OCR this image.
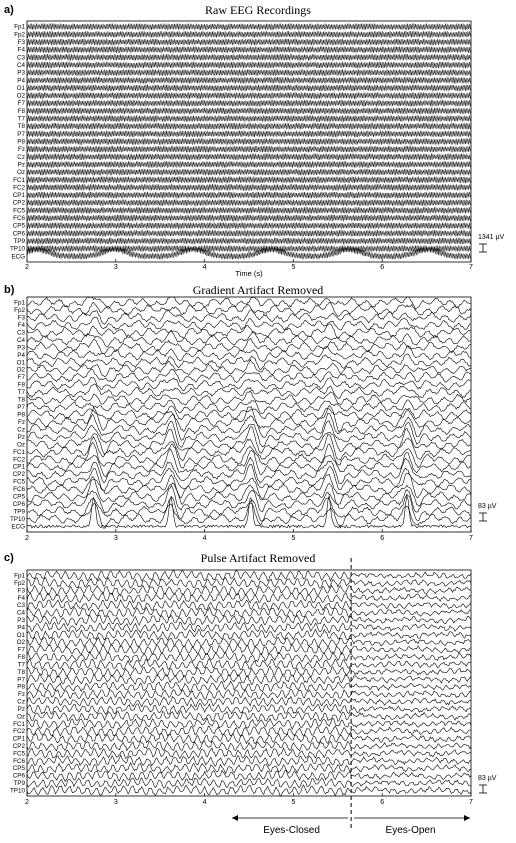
a)	Raw EEG Recordings
b)	Gradient Artifact Removed
c)	Pulse Artifact Removed
Fp1
Fp2
F3
F4
C3
C4
P3
P4
O1
O2
F7
F8
T7
T8
P7
P8
Fz
Cz
Pz
Oz
FC1
FC2
CP1
CP2
FC5
FC6
CP5
CP6
TP9
TP10
ECG
2	3	4	5	6	7
Time (s)
1341 µV
Fp1
Fp2
F3
F4
C3
C4
P3
P4
O1
O2
F7
F8
T7
T8
P7
P8
Fz
Cz
Pz
Oz
FC1
FC2
CP1
CP2
FC5
FC6
CP5
CP6
TP9
TP10
ECG
2	3	4	5	6	7
83 µV
Fp1
Fp2
F3
F4
C3
C4
P3
P4
O1
O2
F7
F8
T7
T8
P7
P8
Fz
Cz
Pz
Oz
FC1
FC2
CP1
CP2
FC5
FC6
CP5
CP6
TP9
TP10
2	3	4	5	6	7
83 µV
Eyes-Closed	Eyes-Open
